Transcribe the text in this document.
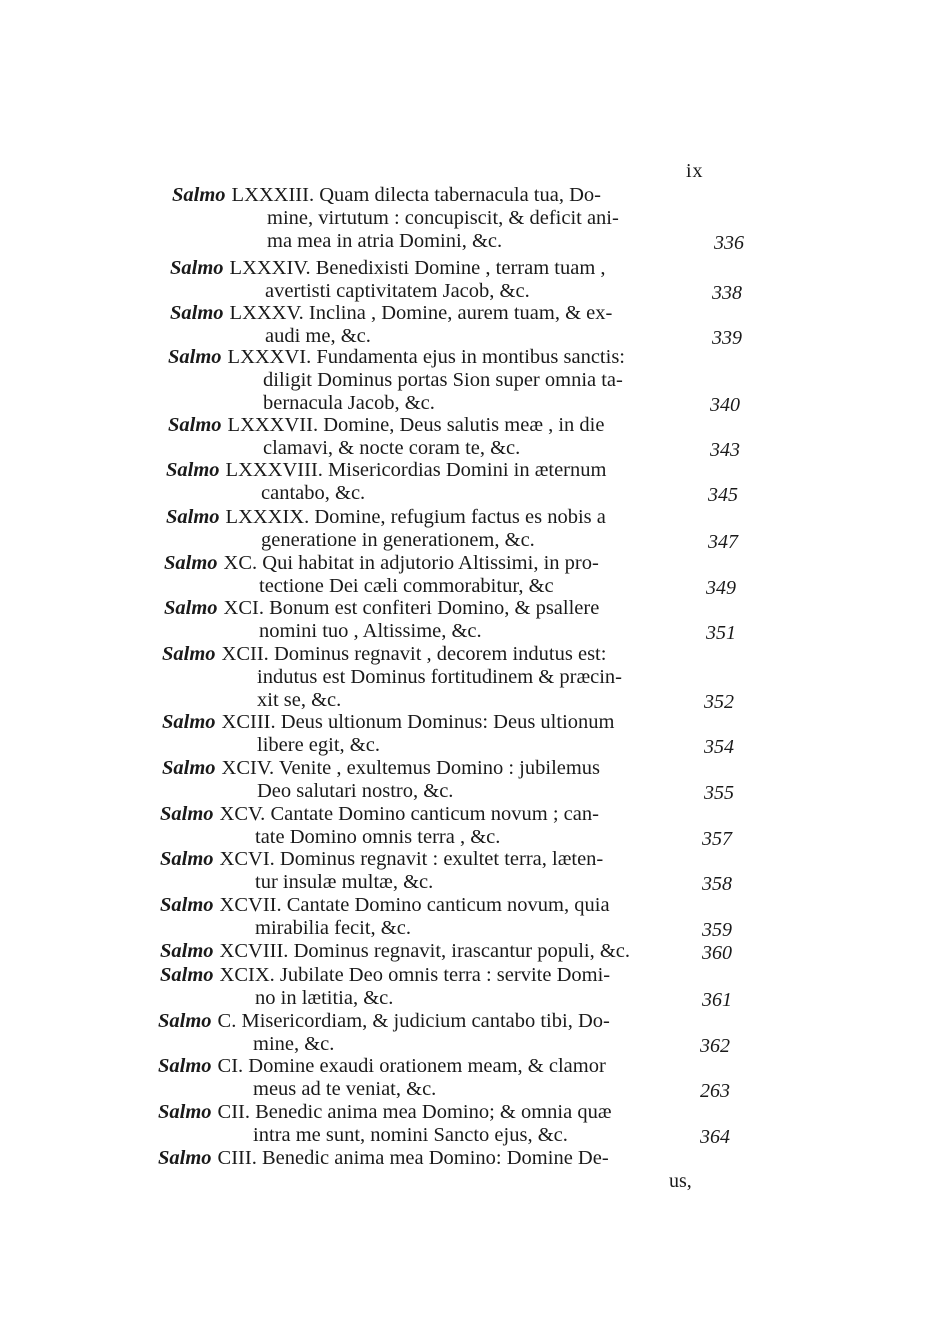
ix
Salmo LXXXIII. Quam dilecta tabernacula tua, Do-
mine, virtutum : concupiscit, & deficit ani-
ma mea in atria Domini, &c.	336
Salmo LXXXIV. Benedixisti Domine , terram tuam ,
avertisti captivitatem Jacob, &c.	338
Salmo LXXXV. Inclina , Domine, aurem tuam, & ex-
audi me, &c.	339
Salmo LXXXVI. Fundamenta ejus in montibus sanctis:
diligit Dominus portas Sion super omnia ta-
bernacula Jacob, &c.	340
Salmo LXXXVII. Domine, Deus salutis meæ , in die
clamavi, & nocte coram te, &c.	343
Salmo LXXXVIII. Misericordias Domini in æternum
cantabo, &c.	345
Salmo LXXXIX. Domine, refugium factus es nobis a
generatione in generationem, &c.	347
Salmo XC. Qui habitat in adjutorio Altissimi, in pro-
tectione Dei cæli commorabitur, &c	349
Salmo XCI. Bonum est confiteri Domino, & psallere
nomini tuo , Altissime, &c.	351
Salmo XCII. Dominus regnavit , decorem indutus est:
indutus est Dominus fortitudinem & præcin-
xit se, &c.	352
Salmo XCIII. Deus ultionum Dominus: Deus ultionum
libere egit, &c.	354
Salmo XCIV. Venite , exultemus Domino : jubilemus
Deo salutari nostro, &c.	355
Salmo XCV. Cantate Domino canticum novum ; can-
tate Domino omnis terra , &c.	357
Salmo XCVI. Dominus regnavit : exultet terra, læten-
tur insulæ multæ, &c.	358
Salmo XCVII. Cantate Domino canticum novum, quia
mirabilia fecit, &c.	359
Salmo XCVIII. Dominus regnavit, irascantur populi, &c.	360
Salmo XCIX. Jubilate Deo omnis terra : servite Domi-
no in lætitia, &c.	361
Salmo C. Misericordiam, & judicium cantabo tibi, Do-
mine, &c.	362
Salmo CI. Domine exaudi orationem meam, & clamor
meus ad te veniat, &c.	263
Salmo CII. Benedic anima mea Domino; & omnia quæ
intra me sunt, nomini Sancto ejus, &c.	364
Salmo CIII. Benedic anima mea Domino: Domine De-
us,
